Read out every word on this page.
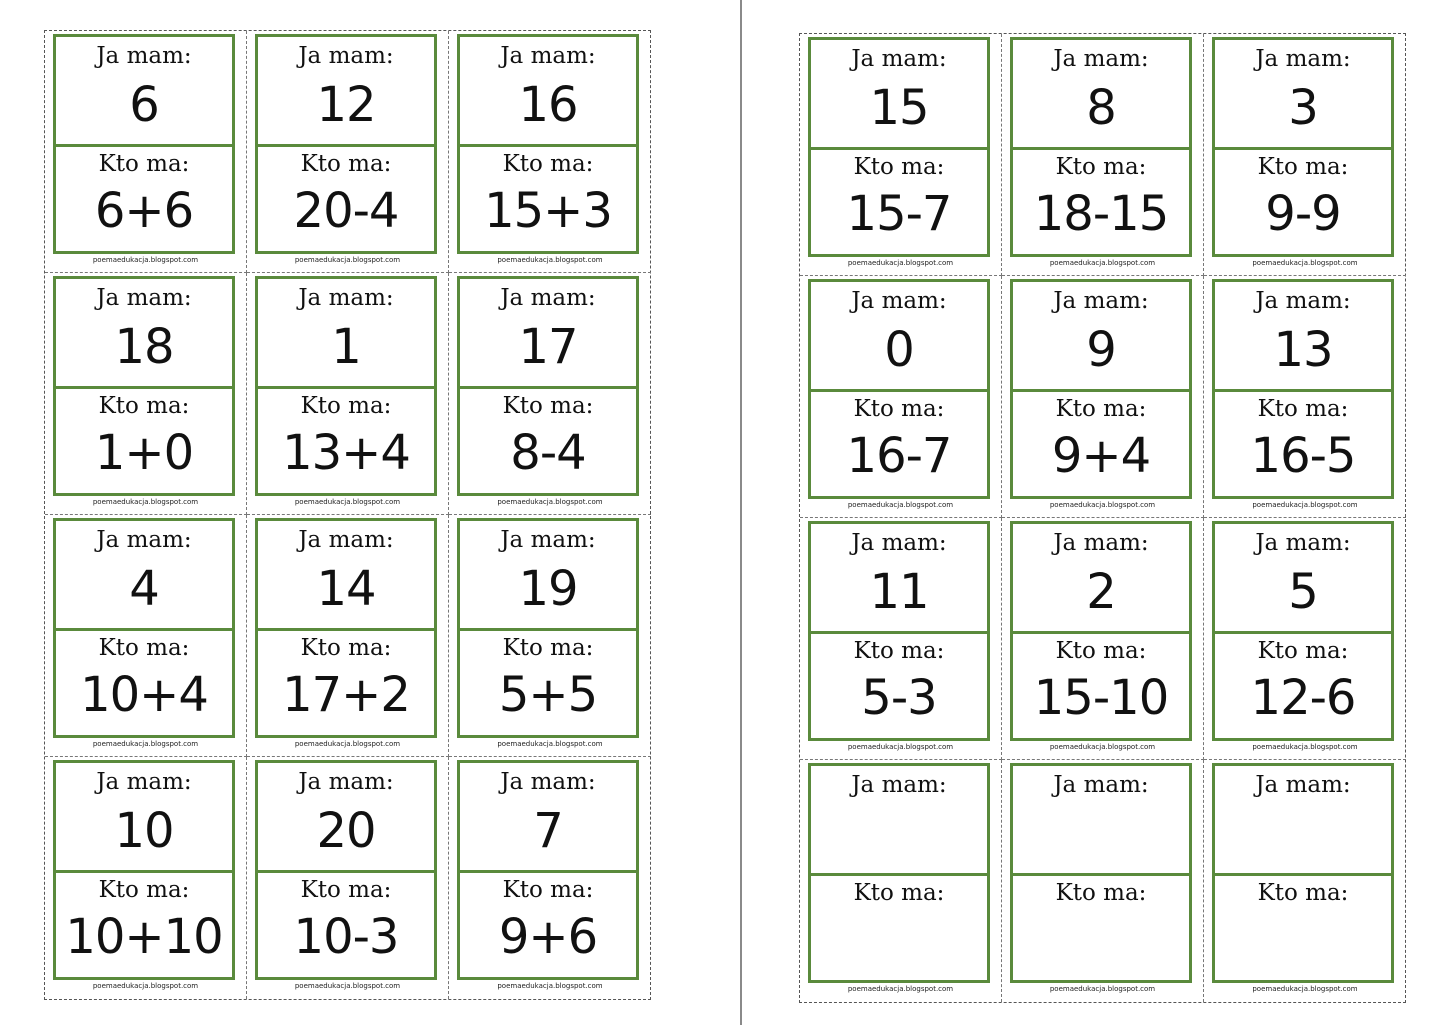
Ja mam:
6
Kto ma:
6+6
poemaedukacja.blogspot.com
Ja mam:
12
Kto ma:
20-4
poemaedukacja.blogspot.com
Ja mam:
16
Kto ma:
15+3
poemaedukacja.blogspot.com
Ja mam:
18
Kto ma:
1+0
poemaedukacja.blogspot.com
Ja mam:
1
Kto ma:
13+4
poemaedukacja.blogspot.com
Ja mam:
17
Kto ma:
8-4
poemaedukacja.blogspot.com
Ja mam:
4
Kto ma:
10+4
poemaedukacja.blogspot.com
Ja mam:
14
Kto ma:
17+2
poemaedukacja.blogspot.com
Ja mam:
19
Kto ma:
5+5
poemaedukacja.blogspot.com
Ja mam:
10
Kto ma:
10+10
poemaedukacja.blogspot.com
Ja mam:
20
Kto ma:
10-3
poemaedukacja.blogspot.com
Ja mam:
7
Kto ma:
9+6
poemaedukacja.blogspot.com
Ja mam:
15
Kto ma:
15-7
poemaedukacja.blogspot.com
Ja mam:
8
Kto ma:
18-15
poemaedukacja.blogspot.com
Ja mam:
3
Kto ma:
9-9
poemaedukacja.blogspot.com
Ja mam:
0
Kto ma:
16-7
poemaedukacja.blogspot.com
Ja mam:
9
Kto ma:
9+4
poemaedukacja.blogspot.com
Ja mam:
13
Kto ma:
16-5
poemaedukacja.blogspot.com
Ja mam:
11
Kto ma:
5-3
poemaedukacja.blogspot.com
Ja mam:
2
Kto ma:
15-10
poemaedukacja.blogspot.com
Ja mam:
5
Kto ma:
12-6
poemaedukacja.blogspot.com
Ja mam:
Kto ma:
poemaedukacja.blogspot.com
Ja mam:
Kto ma:
poemaedukacja.blogspot.com
Ja mam:
Kto ma:
poemaedukacja.blogspot.com
